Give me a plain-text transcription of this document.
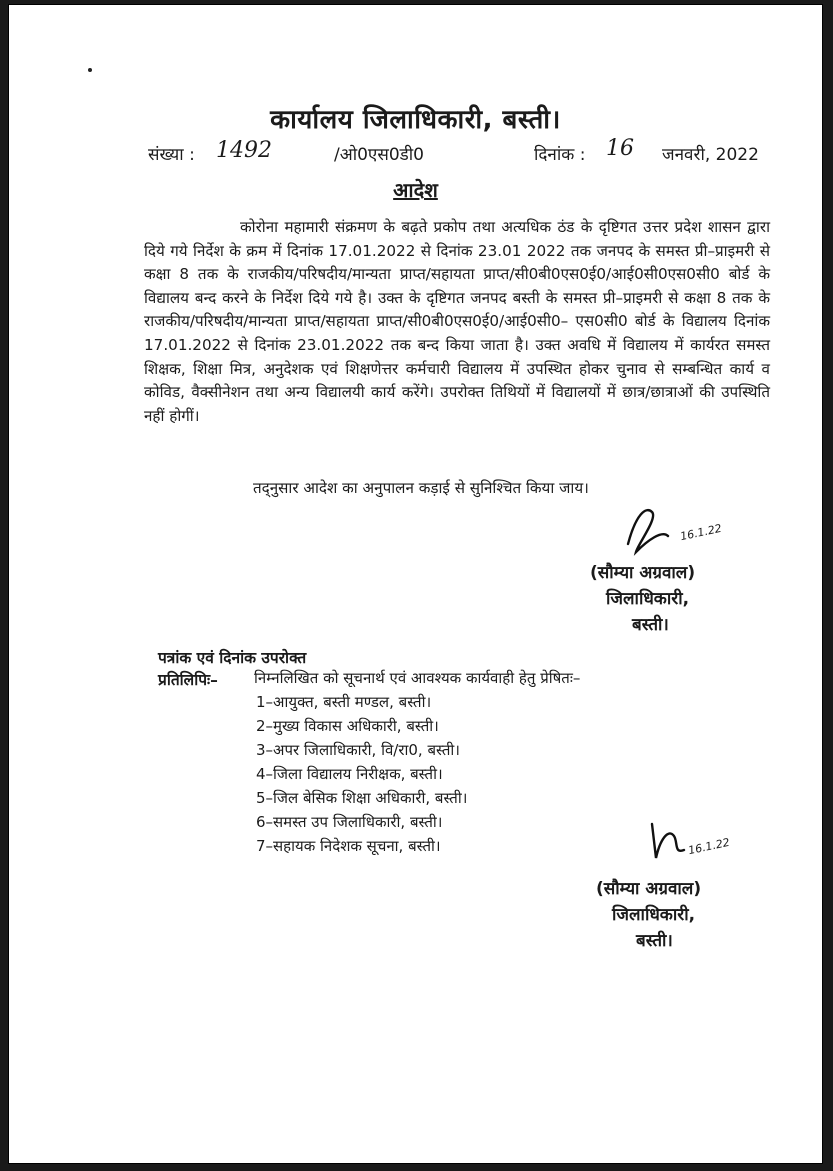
कार्यालय जिलाधिकारी, बस्ती।
संख्या : 1492	/ओ0एस0डी0	दिनांक : 16 जनवरी, 2022
आदेश
कोरोना महामारी संक्रमण के बढ़ते प्रकोप तथा अत्यधिक ठंड के दृष्टिगत उत्तर प्रदेश शासन द्वारा दिये गये निर्देश के क्रम में दिनांक 17.01.2022 से दिनांक 23.01 2022 तक जनपद के समस्त प्री–प्राइमरी से कक्षा 8 तक के राजकीय/परिषदीय/मान्यता प्राप्त/सहायता प्राप्त/सी0बी0एस0ई0/आई0सी0एस0सी0 बोर्ड के विद्यालय बन्द करने के निर्देश दिये गये है। उक्त के दृष्टिगत जनपद बस्ती के समस्त प्री–प्राइमरी से कक्षा 8 तक के राजकीय/परिषदीय/मान्यता प्राप्त/सहायता प्राप्त/सी0बी0एस0ई0/आई0सी0– एस0सी0 बोर्ड के विद्यालय दिनांक 17.01.2022 से दिनांक 23.01.2022 तक बन्द किया जाता है। उक्त अवधि में विद्यालय में कार्यरत समस्त शिक्षक, शिक्षा मित्र, अनुदेशक एवं शिक्षणेत्तर कर्मचारी विद्यालय में उपस्थित होकर चुनाव से सम्बन्धित कार्य व कोविड, वैक्सीनेशन तथा अन्य विद्यालयी कार्य करेंगे। उपरोक्त तिथियों में विद्यालयों में छात्र/छात्राओं की उपस्थिति नहीं होगीं।
तद्नुसार आदेश का अनुपालन कड़ाई से सुनिश्चित किया जाय।
16.1.22
(सौम्या अग्रवाल)
जिलाधिकारी,
बस्ती।
पत्रांक एवं दिनांक उपरोक्त
प्रतिलिपिः– निम्नलिखित को सूचनार्थ एवं आवश्यक कार्यवाही हेतु प्रेषितः–
1–आयुक्त, बस्ती मण्डल, बस्ती।
2–मुख्य विकास अधिकारी, बस्ती।
3–अपर जिलाधिकारी, वि/रा0, बस्ती।
4–जिला विद्यालय निरीक्षक, बस्ती।
5–जिल बेसिक शिक्षा अधिकारी, बस्ती।
6–समस्त उप जिलाधिकारी, बस्ती।
7–सहायक निदेशक सूचना, बस्ती।	16.1.22
(सौम्या अग्रवाल)
जिलाधिकारी,
बस्ती।
